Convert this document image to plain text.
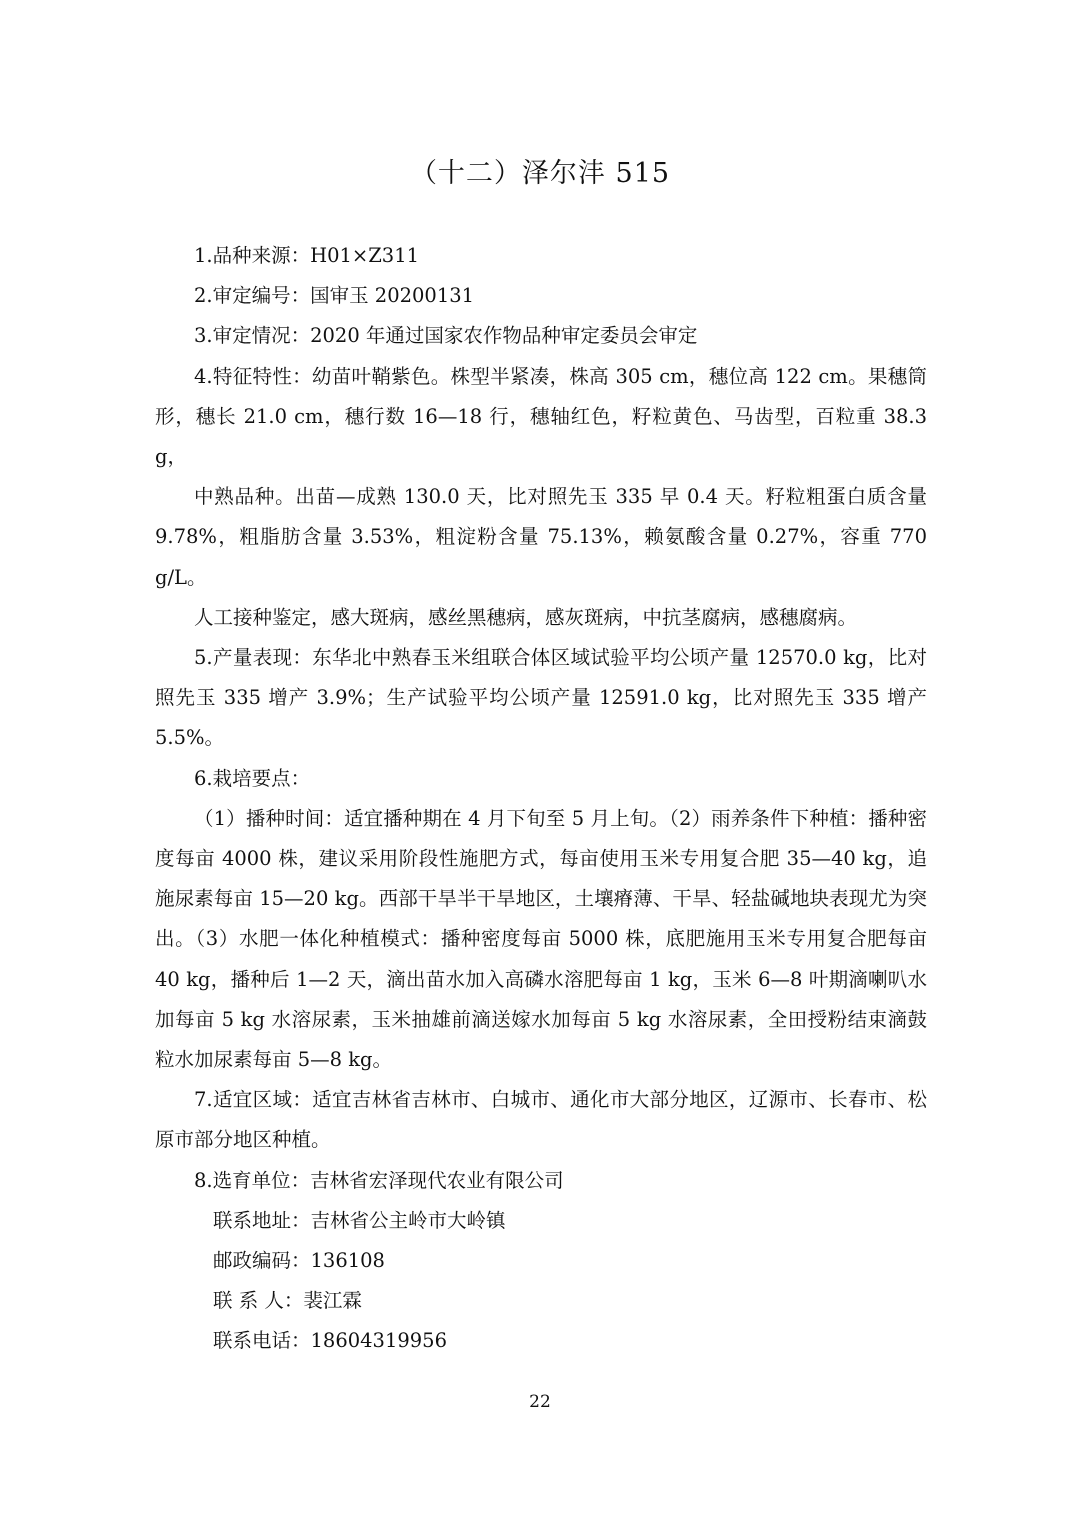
（十二）泽尔沣 515

1.品种来源：H01×Z311

2.审定编号：国审玉 20200131

3.审定情况：2020 年通过国家农作物品种审定委员会审定

4.特征特性：幼苗叶鞘紫色。株型半紧凑，株高 305 cm，穗位高 122 cm。果穗筒形，穗长 21.0 cm，穗行数 16—18 行，穗轴红色，籽粒黄色、马齿型，百粒重 38.3 g，

中熟品种。出苗—成熟 130.0 天，比对照先玉 335 早 0.4 天。籽粒粗蛋白质含量 9.78%，粗脂肪含量 3.53%，粗淀粉含量 75.13%，赖氨酸含量 0.27%，容重 770 g/L。

人工接种鉴定，感大斑病，感丝黑穗病，感灰斑病，中抗茎腐病，感穗腐病。

5.产量表现：东华北中熟春玉米组联合体区域试验平均公顷产量 12570.0 kg，比对照先玉 335 增产 3.9%；生产试验平均公顷产量 12591.0 kg，比对照先玉 335 增产 5.5%。

6.栽培要点：

（1）播种时间：适宜播种期在 4 月下旬至 5 月上旬。（2）雨养条件下种植：播种密度每亩 4000 株，建议采用阶段性施肥方式，每亩使用玉米专用复合肥 35—40 kg，追施尿素每亩 15—20 kg。西部干旱半干旱地区，土壤瘠薄、干旱、轻盐碱地块表现尤为突出。（3）水肥一体化种植模式：播种密度每亩 5000 株，底肥施用玉米专用复合肥每亩 40 kg，播种后 1—2 天，滴出苗水加入高磷水溶肥每亩 1 kg，玉米 6—8 叶期滴喇叭水加每亩 5 kg 水溶尿素，玉米抽雄前滴送嫁水加每亩 5 kg 水溶尿素，全田授粉结束滴鼓粒水加尿素每亩 5—8 kg。

7.适宜区域：适宜吉林省吉林市、白城市、通化市大部分地区，辽源市、长春市、松原市部分地区种植。

8.选育单位：吉林省宏泽现代农业有限公司

联系地址：吉林省公主岭市大岭镇

邮政编码：136108

联 系 人：裴江霖

联系电话：18604319956

22
